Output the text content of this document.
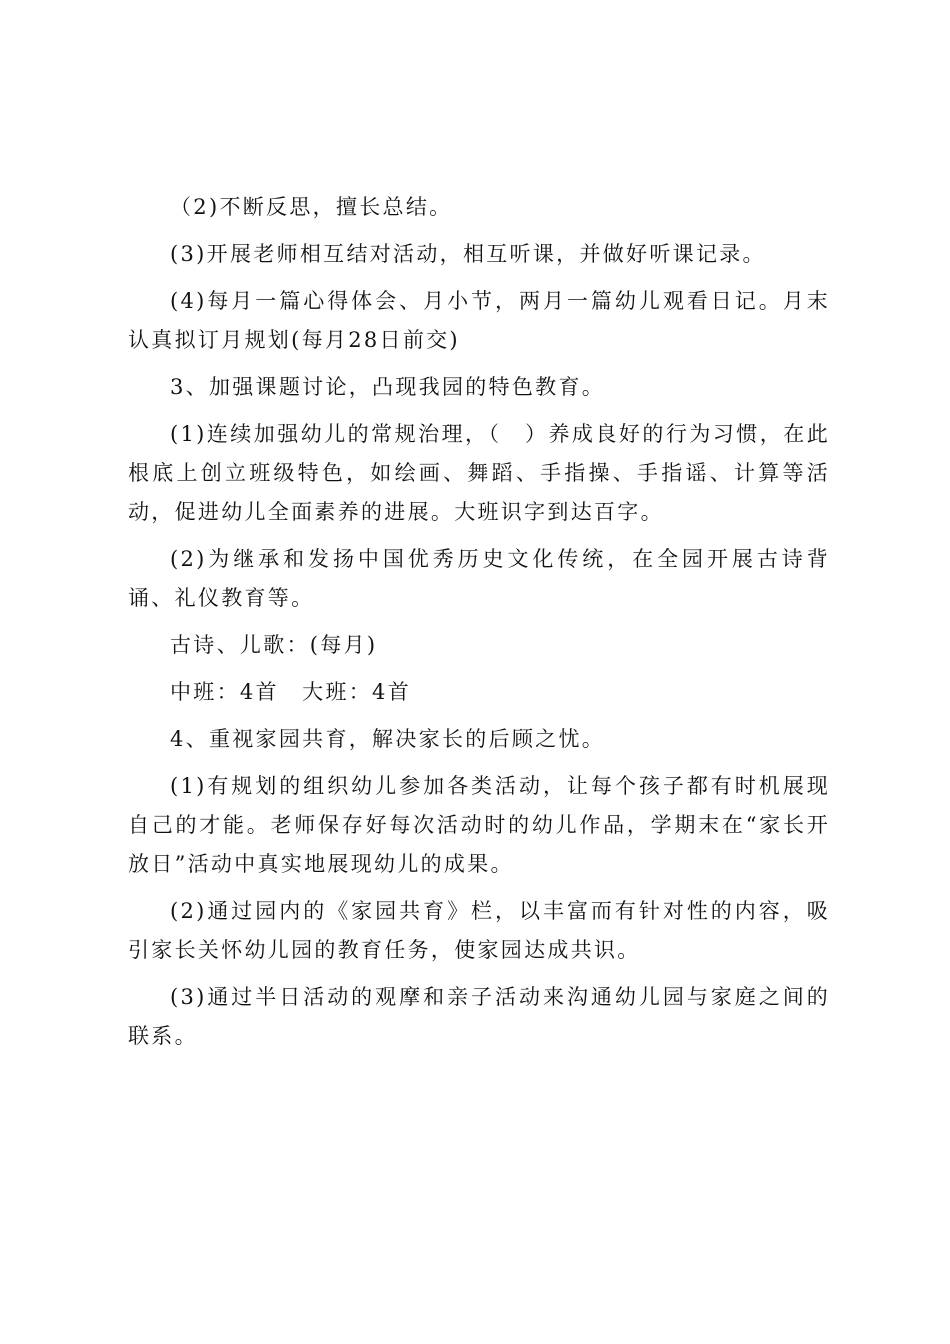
（2)不断反思，擅长总结。

(3)开展老师相互结对活动，相互听课，并做好听课记录。

(4)每月一篇心得体会、月小节，两月一篇幼儿观看日记。月末认真拟订月规划(每月28日前交)

3、加强课题讨论，凸现我园的特色教育。

(1)连续加强幼儿的常规治理，（　）养成良好的行为习惯，在此根底上创立班级特色，如绘画、舞蹈、手指操、手指谣、计算等活动，促进幼儿全面素养的进展。大班识字到达百字。

(2)为继承和发扬中国优秀历史文化传统，在全园开展古诗背诵、礼仪教育等。

古诗、儿歌：(每月)

中班：4首　大班：4首

4、重视家园共育，解决家长的后顾之忧。

(1)有规划的组织幼儿参加各类活动，让每个孩子都有时机展现自己的才能。老师保存好每次活动时的幼儿作品，学期末在“家长开放日”活动中真实地展现幼儿的成果。

(2)通过园内的《家园共育》栏，以丰富而有针对性的内容，吸引家长关怀幼儿园的教育任务，使家园达成共识。

(3)通过半日活动的观摩和亲子活动来沟通幼儿园与家庭之间的联系。
